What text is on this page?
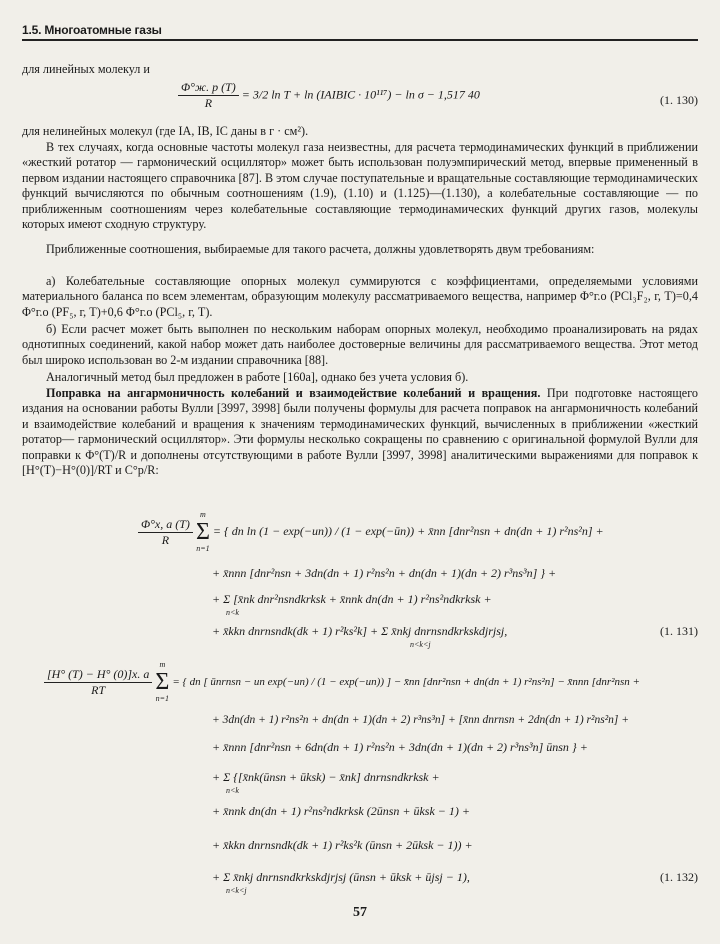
1.5. Многоатомные газы

для линейных молекул и

$\frac{\Phi^\circ ж. р (T)}{R} = 3/2$ ln T + ln (IAIBIC · 10¹¹⁷) − ln σ − 1,517 40	(1. 130)

для нелинейных молекул (где IA, IB, IC даны в г · см²).

В тех случаях, когда основные частоты молекул газа неизвестны, для расчета термодинамических функций в приближении «жесткий ротатор — гармонический осциллятор» может быть использован полуэмпирический метод, впервые примененный в первом издании настоящего справочника [87]. В этом случае поступательные и вращательные составляющие термодинамических функций вычисляются по обычным соотношениям (1.9), (1.10) и (1.125)—(1.130), а колебательные составляющие — по приближенным соотношениям через колебательные составляющие термодинамических функций других газов, молекулы которых имеют сходную структуру.

Приближенные соотношения, выбираемые для такого расчета, должны удовлетворять двум требованиям:

а) Колебательные составляющие опорных молекул суммируются с коэффициентами, определяемыми условиями материального баланса по всем элементам, образующим молекулу рассматриваемого вещества, например Φ°г.о (PCl₃F₂, г, T)=0,4 Φ°г.о (PF₅, г, T)+0,6 Φ°г.о (PCl₅, г, T).

б) Если расчет может быть выполнен по нескольким наборам опорных молекул, необходимо проанализировать на рядах однотипных соединений, какой набор может дать наиболее достоверные величины для рассматриваемого вещества. Этот метод был широко использован во 2-м издании справочника [88].

Аналогичный метод был предложен в работе [160а], однако без учета условия б).

Поправка на ангармоничность колебаний и взаимодействие колебаний и вращения. При подготовке настоящего издания на основании работы Вулли [3997, 3998] были получены формулы для расчета поправок на ангармоничность колебаний и взаимодействие колебаний и вращения к значениям термодинамических функций, вычисленных в приближении «жесткий ротатор— гармонический осциллятор». Эти формулы несколько сокращены по сравнению с оригинальной формулой Вулли для поправки к Φ°(T)/R и дополнены отсутствующими в работе Вулли [3997, 3998] аналитическими выражениями для поправок к [H°(T)−H°(0)]/RT и C°p/R:

$\frac{\Phi^\circ x, a (T)}{R}$

m
Σ
n=1
= { dn ln (1 − exp(−un)) / (1 − exp(−ūn)) + x̄nn [dnr²nsn + dn(dn + 1) r²ns²n] +
+ x̄nnn [dnr²nsn + 3dn(dn + 1) r²ns²n + dn(dn + 1)(dn + 2) r³ns³n] } +
+ Σ [x̄nk dnr²nsndkrksk + x̄nnk dn(dn + 1) r²ns²ndkrksk +
n<k
+ x̄kkn dnrnsndk(dk + 1) r²ks²k] + Σ x̄nkj dnrnsndkrkskdjrjsj,
n<k<j
(1. 131)
$\frac{[H^\circ (T) - H^\circ (0)]x. a}{RT}$

m
Σ
n=1
= { dn [ ūnrnsn − un exp(−un) / (1 − exp(−un)) ] − x̄nn [dnr²nsn + dn(dn + 1) r²ns²n] − x̄nnn [dnr²nsn +
+ 3dn(dn + 1) r²ns²n + dn(dn + 1)(dn + 2) r³ns³n] + [x̄nn dnrnsn + 2dn(dn + 1) r²ns²n] +
+ x̄nnn [dnr²nsn + 6dn(dn + 1) r²ns²n + 3dn(dn + 1)(dn + 2) r³ns³n] ūnsn } +
+ Σ {[x̄nk(ūnsn + ūksk) − x̄nk] dnrnsndkrksk +
n<k
+ x̄nnk dn(dn + 1) r²ns²ndkrksk (2ūnsn + ūksk − 1) +
+ x̄kkn dnrnsndk(dk + 1) r²ks²k (ūnsn + 2ūksk − 1)) +
+ Σ x̄nkj dnrnsndkrkskdjrjsj (ūnsn + ūksk + ūjsj − 1),
n<k<j
(1. 132)
57
